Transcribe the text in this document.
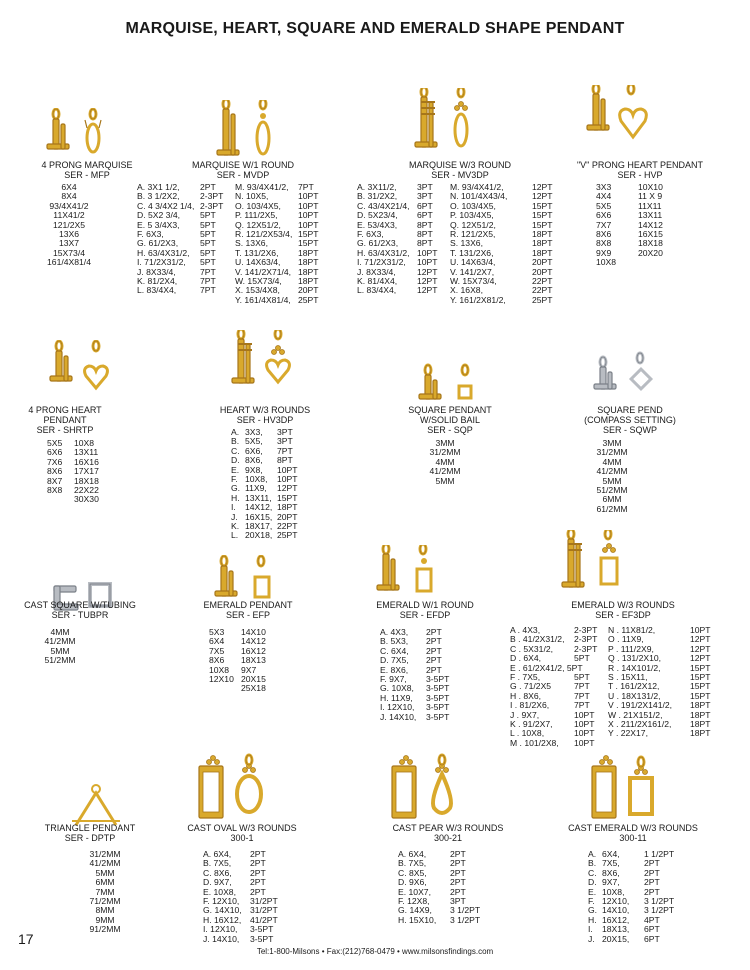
MARQUISE, HEART, SQUARE AND EMERALD SHAPE PENDANT
4 PRONG MARQUISE
SER - MFP
6X4
8X4
93/4X41/2
11X41/2
121/2X5
13X6
13X7
15X73/4
161/4X81/4
MARQUISE W/1 ROUND
SER - MVDP
A. 3X1 1/2,	2PT	M. 93/4X41/2,	7PT
B. 3 1/2X2,	2-3PT	N. 10X5,	10PT
C. 4 3/4X2 1/4, 2-3PT	O. 103/4X5,	10PT
D. 5X2 3/4,	5PT	P. 111/2X5,	10PT
E. 5 3/4X3,	5PT	Q. 12X51/2,	10PT
F. 6X3,	5PT	R. 121/2X53/4, 15PT
G. 61/2X3,	5PT	S. 13X6,	15PT
H. 63/4X31/2,	5PT	T. 131/2X6,	18PT
I. 71/2X31/2,	5PT	U. 14X63/4,	18PT
J. 8X33/4,	7PT	V. 141/2X71/4, 18PT
K. 81/2X4,	7PT	W. 15X73/4,	18PT
L. 83/4X4,	7PT	X. 153/4X8,	20PT
Y. 161/4X81/4, 25PT
MARQUISE W/3 ROUND
SER - MV3DP
A. 3X11/2,	3PT	M. 93/4X41/2,	12PT
B. 31/2X2,	3PT	N. 101/4X43/4,	12PT
C. 43/4X21/4, 6PT	O. 103/4X5,	15PT
D. 5X23/4,	6PT	P. 103/4X5,	15PT
E. 53/4X3,	8PT	Q. 12X51/2,	15PT
F. 6X3,	8PT	R. 121/2X5,	18PT
G. 61/2X3,	8PT	S. 13X6,	18PT
H. 63/4X31/2, 10PT	T. 131/2X6,	18PT
I. 71/2X31/2,	10PT	U. 14X63/4,	20PT
J. 8X33/4,	12PT	V. 141/2X7,	20PT
K. 81/4X4,	12PT	W. 15X73/4,	22PT
L. 83/4X4,	12PT	X. 16X8,	22PT
Y. 161/2X81/2,	25PT
"V" PRONG HEART PENDANT
SER - HVP
3X3	10X10
4X4	11 X 9
5X5	11X11
6X6	13X11
7X7	14X12
8X6	16X15
8X8	18X18
9X9	20X20
10X8
4 PRONG HEART
PENDANT
SER - SHRTP
5X5	10X8
6X6	13X11
7X6	16X16
8X6	17X17
8X7	18X18
8X8	22X22
30X30
HEART W/3 ROUNDS
SER - HV3DP
A. 3X3,	3PT
B. 5X5,	3PT
C. 6X6,	7PT
D. 8X6,	8PT
E. 9X8,	10PT
F. 10X8,	10PT
G. 11X9,	12PT
H. 13X11, 15PT
I.	14X12, 18PT
J. 16X15, 20PT
K. 18X17, 22PT
L. 20X18, 25PT
SQUARE PENDANT
W/SOLID BAIL
SER - SQP
3MM
31/2MM
4MM
41/2MM
5MM
SQUARE PEND
(COMPASS SETTING)
SER - SQWP
3MM
31/2MM
4MM
41/2MM
5MM
51/2MM
6MM
61/2MM
CAST SQUARE W/TUBING
SER - TUBPR
4MM
41/2MM
5MM
51/2MM
EMERALD PENDANT
SER - EFP
5X3	14X10
6X4	14X12
7X5	16X12
8X6	18X13
10X8	9X7
12X10 20X15
25X18
EMERALD W/1 ROUND
SER - EFDP
A. 4X3,	2PT
B. 5X3,	2PT
C. 6X4,	2PT
D. 7X5,	2PT
E. 8X6,	2PT
F. 9X7,	3-5PT
G. 10X8,	3-5PT
H. 11X9,	3-5PT
I. 12X10,	3-5PT
J. 14X10,	3-5PT
EMERALD W/3 ROUNDS
SER - EF3DP
A . 4X3,	2-3PT	N . 11X81/2,	10PT
B . 41/2X31/2,	2-3PT	O . 11X9,	12PT
C . 5X31/2,	2-3PT	P . 111/2X9,	12PT
D . 6X4,	5PT	Q . 131/2X10,	12PT
E . 61/2X41/2, 5PT	R . 14X101/2,	15PT
F . 7X5,	5PT	S . 15X11,	15PT
G . 71/2X5	7PT	T . 161/2X12,	15PT
H . 8X6,	7PT	U . 18X131/2,	15PT
I . 81/2X6,	7PT	V . 191/2X141/2,	18PT
J . 9X7,	10PT	W . 21X151/2,	18PT
K . 91/2X7,	10PT	X . 211/2X161/2,	18PT
L . 10X8,	10PT	Y . 22X17,	18PT
M . 101/2X8,	10PT
TRIANGLE PENDANT
SER - DPTP
31/2MM
41/2MM
5MM
6MM
7MM
71/2MM
8MM
9MM
91/2MM
CAST OVAL W/3 ROUNDS
300-1
A. 6X4,	2PT
B. 7X5,	2PT
C. 8X6,	2PT
D. 9X7,	2PT
E. 10X8,	2PT
F. 12X10,	31/2PT
G. 14X10, 31/2PT
H. 16X12,	41/2PT
I. 12X10,	3-5PT
J. 14X10,	3-5PT
CAST PEAR W/3 ROUNDS
300-21
A. 6X4,	2PT
B. 7X5,	2PT
C. 8X5,	2PT
D. 9X6,	2PT
E. 10X7,	2PT
F. 12X8,	3PT
G. 14X9,	3 1/2PT
H. 15X10,	3 1/2PT
CAST EMERALD W/3 ROUNDS
300-11
A. 6X4,	1 1/2PT
B. 7X5,	2PT
C. 8X6,	2PT
D. 9X7,	2PT
E. 10X8,	2PT
F. 12X10,	3 1/2PT
G. 14X10,	3 1/2PT
H. 16X12,	4PT
I.	18X13,	6PT
J. 20X15,	6PT
17
Tel:1-800-Milsons • Fax:(212)768-0479 • www.milsonsfindings.com
